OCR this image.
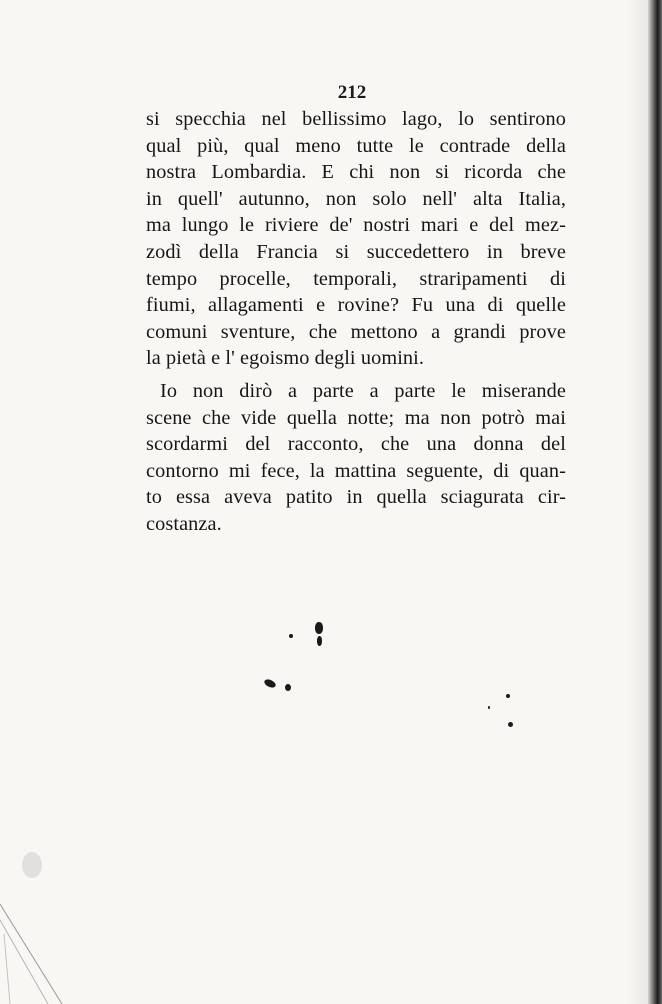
212
si specchia nel bellissimo lago, lo sentirono
qual più, qual meno tutte le contrade della
nostra Lombardia. E chi non si ricorda che
in quell' autunno, non solo nell' alta Italia,
ma lungo le riviere de' nostri mari e del mez-
zodì della Francia si succedettero in breve
tempo procelle, temporali, straripamenti di
fiumi, allagamenti e rovine? Fu una di quelle
comuni sventure, che mettono a grandi prove
la pietà e l' egoismo degli uomini.
Io non dirò a parte a parte le miserande
scene che vide quella notte; ma non potrò mai
scordarmi del racconto, che una donna del
contorno mi fece, la mattina seguente, di quan-
to essa aveva patito in quella sciagurata cir-
costanza.
